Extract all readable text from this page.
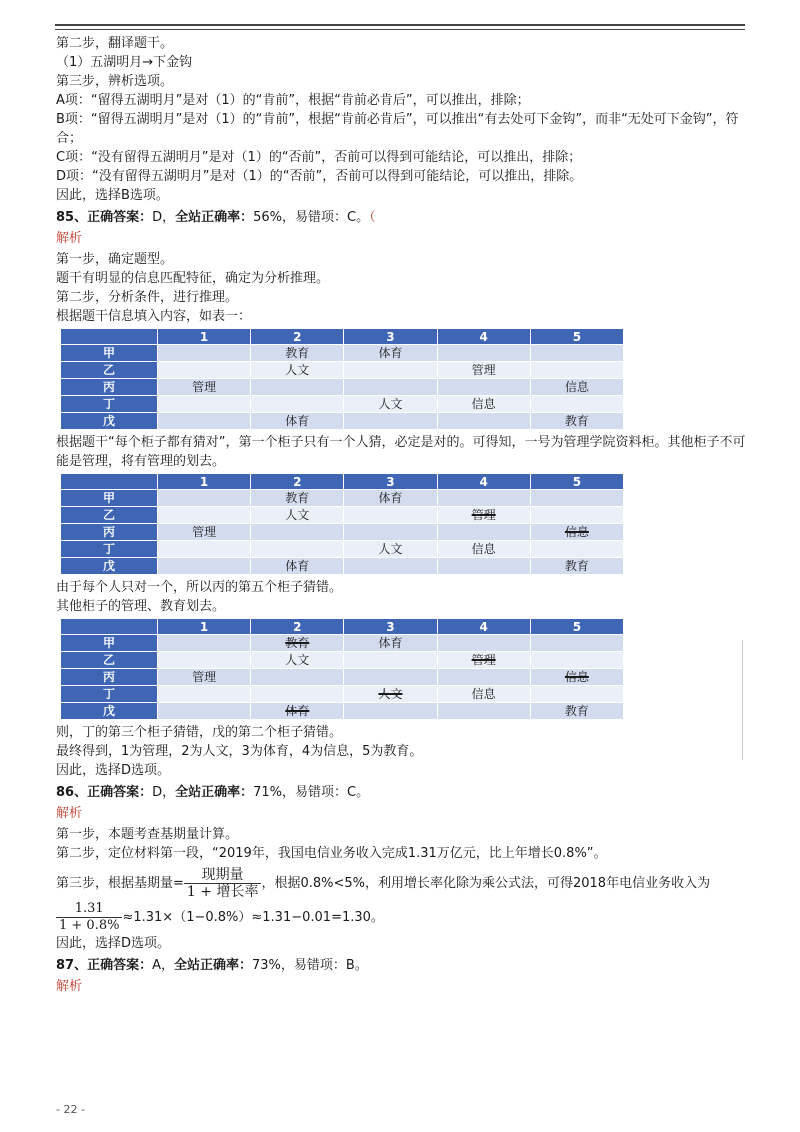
第二步，翻译题干。
（1）五湖明月→下金钩
第三步，辨析选项。
A项：“留得五湖明月”是对（1）的“肯前”，根据“肯前必肯后”，可以推出，排除；
B项：“留得五湖明月”是对（1）的“肯前”，根据“肯前必肯后”，可以推出“有去处可下金钩”，而非“无处可下金钩”，符合；
C项：“没有留得五湖明月”是对（1）的“否前”，否前可以得到可能结论，可以推出，排除；
D项：“没有留得五湖明月”是对（1）的“否前”，否前可以得到可能结论，可以推出，排除。
因此，选择B选项。
85、正确答案：D，全站正确率：56%，易错项：C。（
解析
第一步，确定题型。
题干有明显的信息匹配特征，确定为分析推理。
第二步，分析条件，进行推理。
根据题干信息填入内容，如表一：
	1	2	3	4	5
甲		教育	体育		
乙		人文		管理	
丙	管理				信息
丁			人文	信息	
戊		体育			教育
根据题干“每个柜子都有猜对”，第一个柜子只有一个人猜，必定是对的。可得知，一号为管理学院资料柜。其他柜子不可能是管理，将有管理的划去。
	1	2	3	4	5
甲		教育	体育		
乙		人文		管理	
丙	管理				信息
丁			人文	信息	
戊		体育			教育
由于每个人只对一个，所以丙的第五个柜子猜错。
其他柜子的管理、教育划去。
	1	2	3	4	5
甲		教育	体育		
乙		人文		管理	
丙	管理				信息
丁			人文	信息	
戊		体育			教育
则，丁的第三个柜子猜错，戊的第二个柜子猜错。
最终得到，1为管理，2为人文，3为体育，4为信息，5为教育。
因此，选择D选项。
86、正确答案：D，全站正确率：71%，易错项：C。
解析
第一步，本题考查基期量计算。
第二步，定位材料第一段，“2019年，我国电信业务收入完成1.31万亿元，比上年增长0.8%”。
第三步，根据基期量= $\frac{\text{现期量}}{\text{1 + 增长率}}$ ，根据0.8%<5%，利用增长率化除为乘公式法，可得2018年电信业务收入为
$\frac{1.31}{1 + 0.8\%} \approx 1.31\times(1-0.8\%)\approx 1.31-0.01=1.30$。
因此，选择D选项。
87、正确答案：A，全站正确率：73%，易错项：B。
解析
- 22 -
